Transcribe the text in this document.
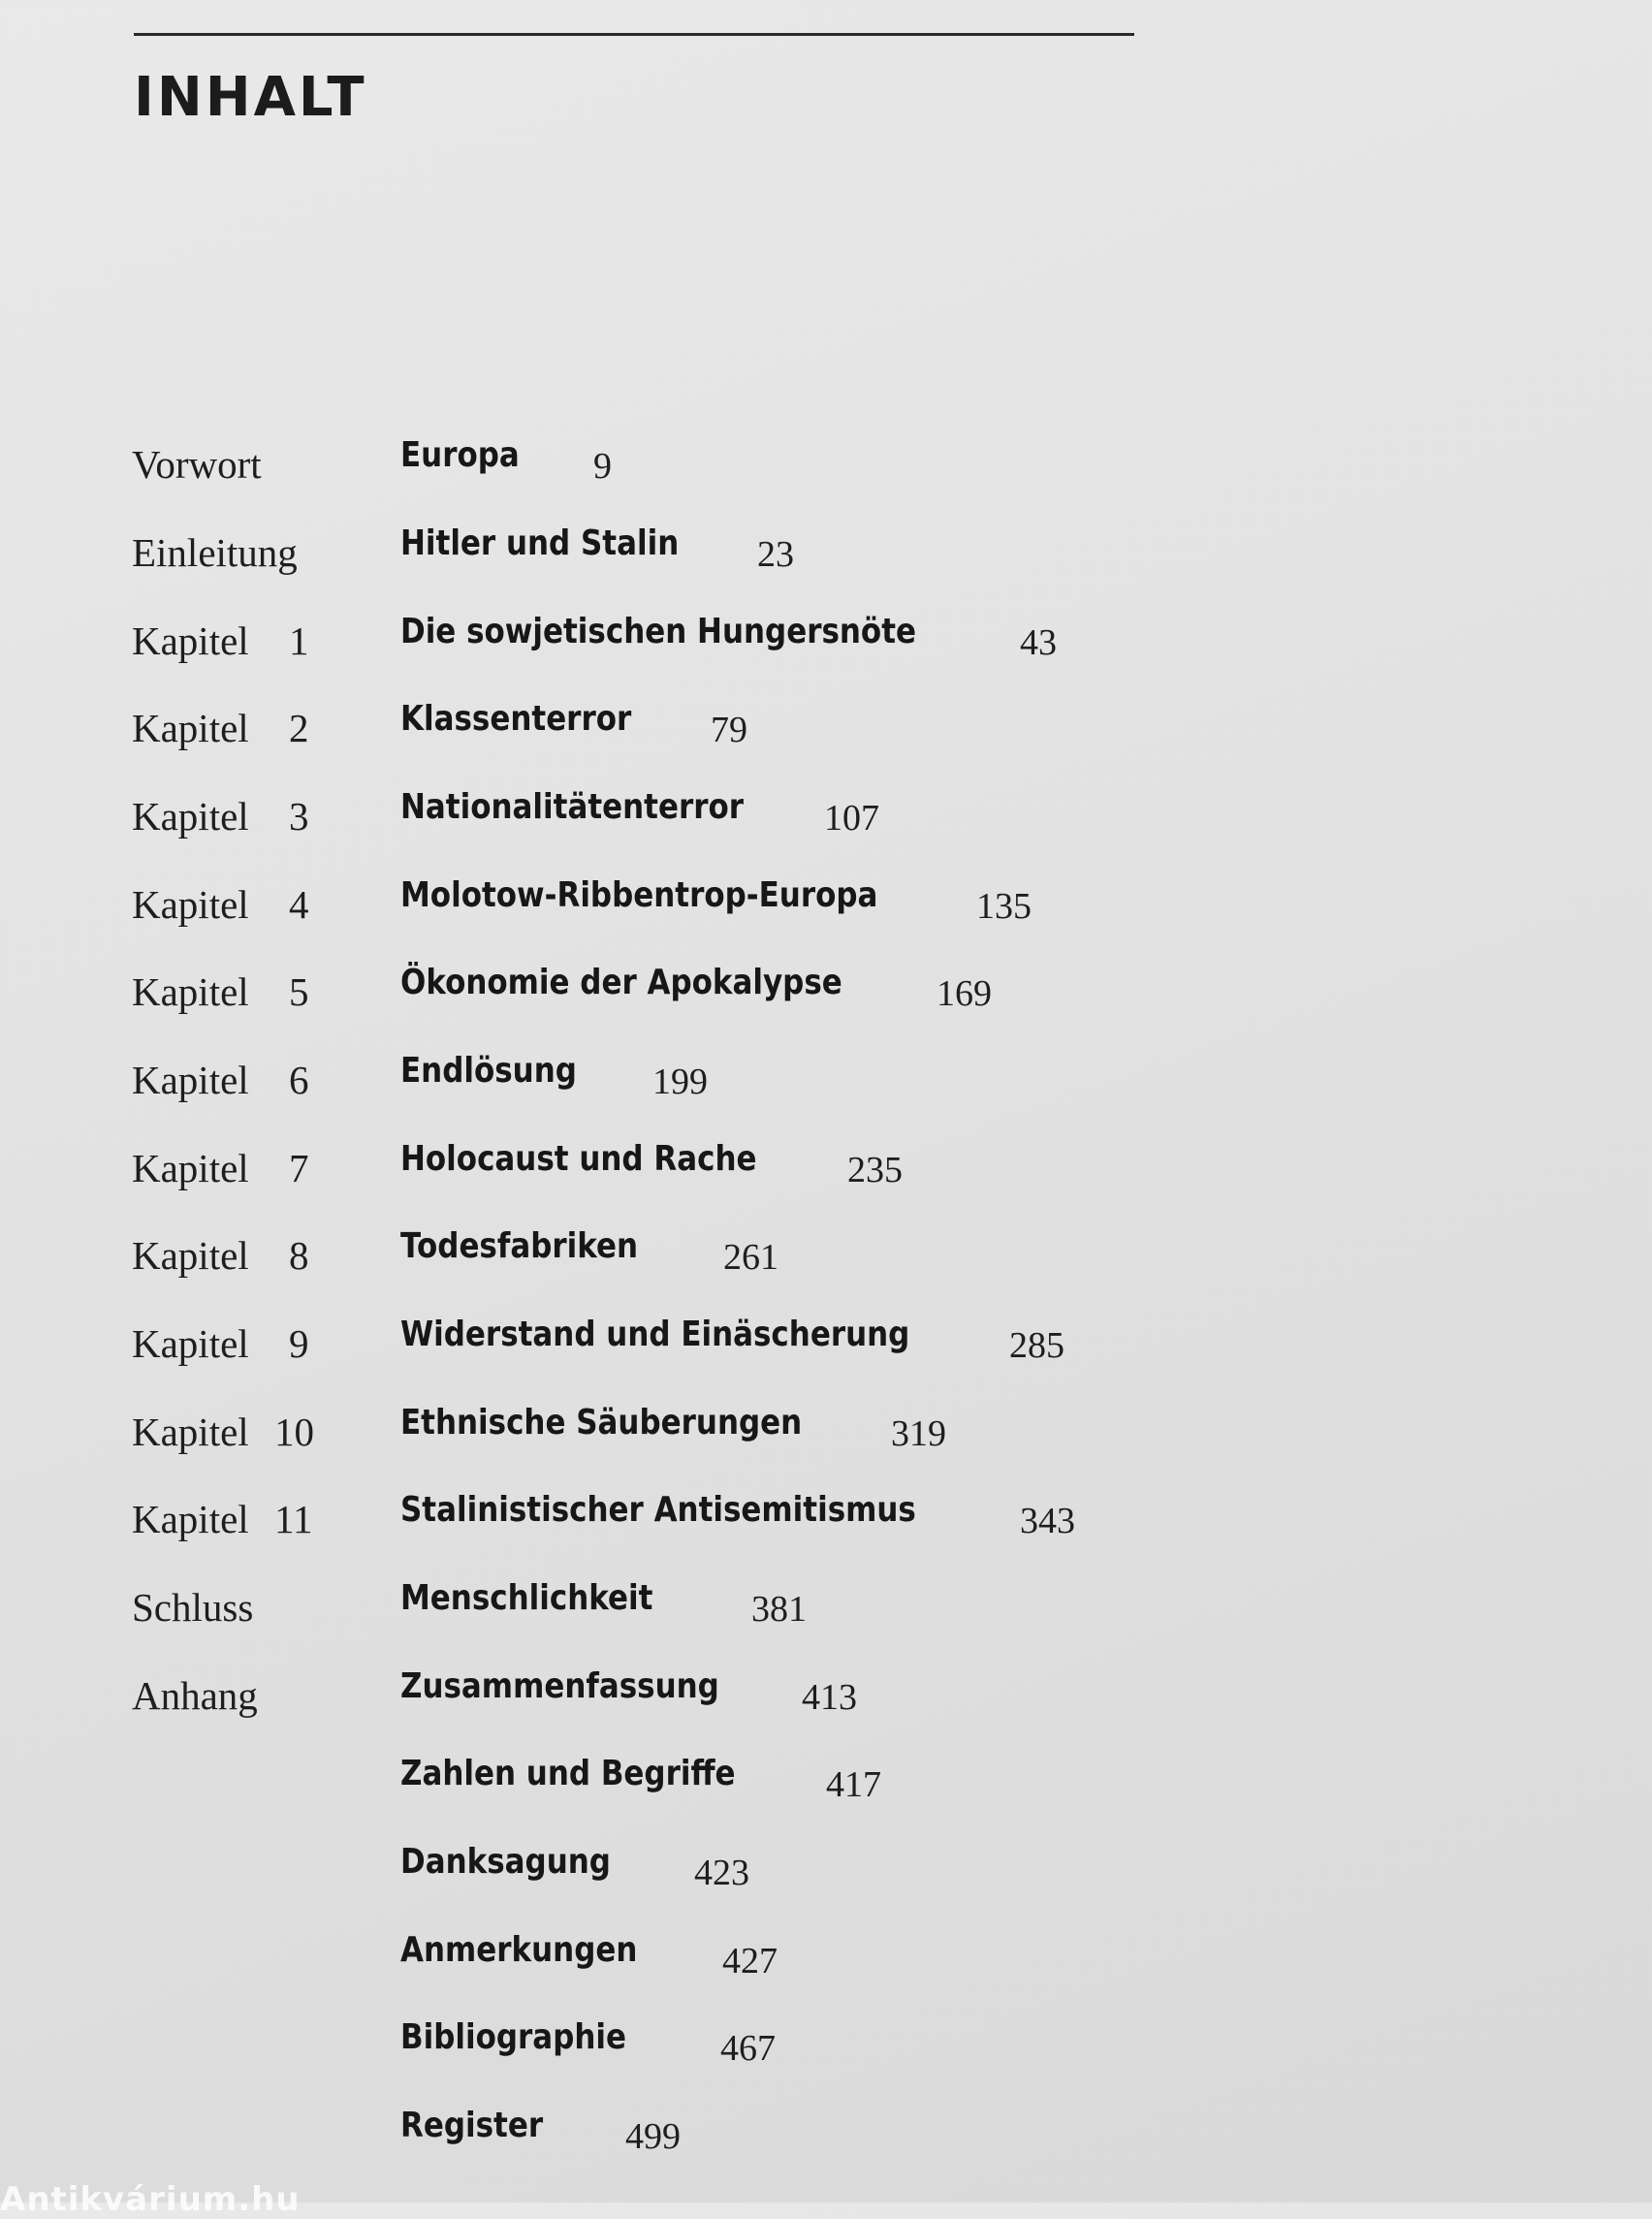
INHALT
Vorwort	Europa 9
Einleitung	Hitler und Stalin 23
Kapitel 1	Die sowjetischen Hungersnöte	43
Kapitel 2	Klassenterror 79
Kapitel 3	Nationalitätenterror 107
Kapitel 4	Molotow-Ribbentrop-Europa	135
Kapitel 5	Ökonomie der Apokalypse	169
Kapitel 6	Endlösung 199
Kapitel 7	Holocaust und Rache 235
Kapitel 8	Todesfabriken 261
Kapitel 9	Widerstand und Einäscherung	285
Kapitel 10 Ethnische Säuberungen 319
Kapitel 11	Stalinistischer Antisemitismus	343
Schluss	Menschlichkeit	381
Anhang	Zusammenfassung 413
Zahlen und Begriffe 417
Danksagung 423
Anmerkungen 427
Bibliographie	467
Register 499
Antikvárium.hu
